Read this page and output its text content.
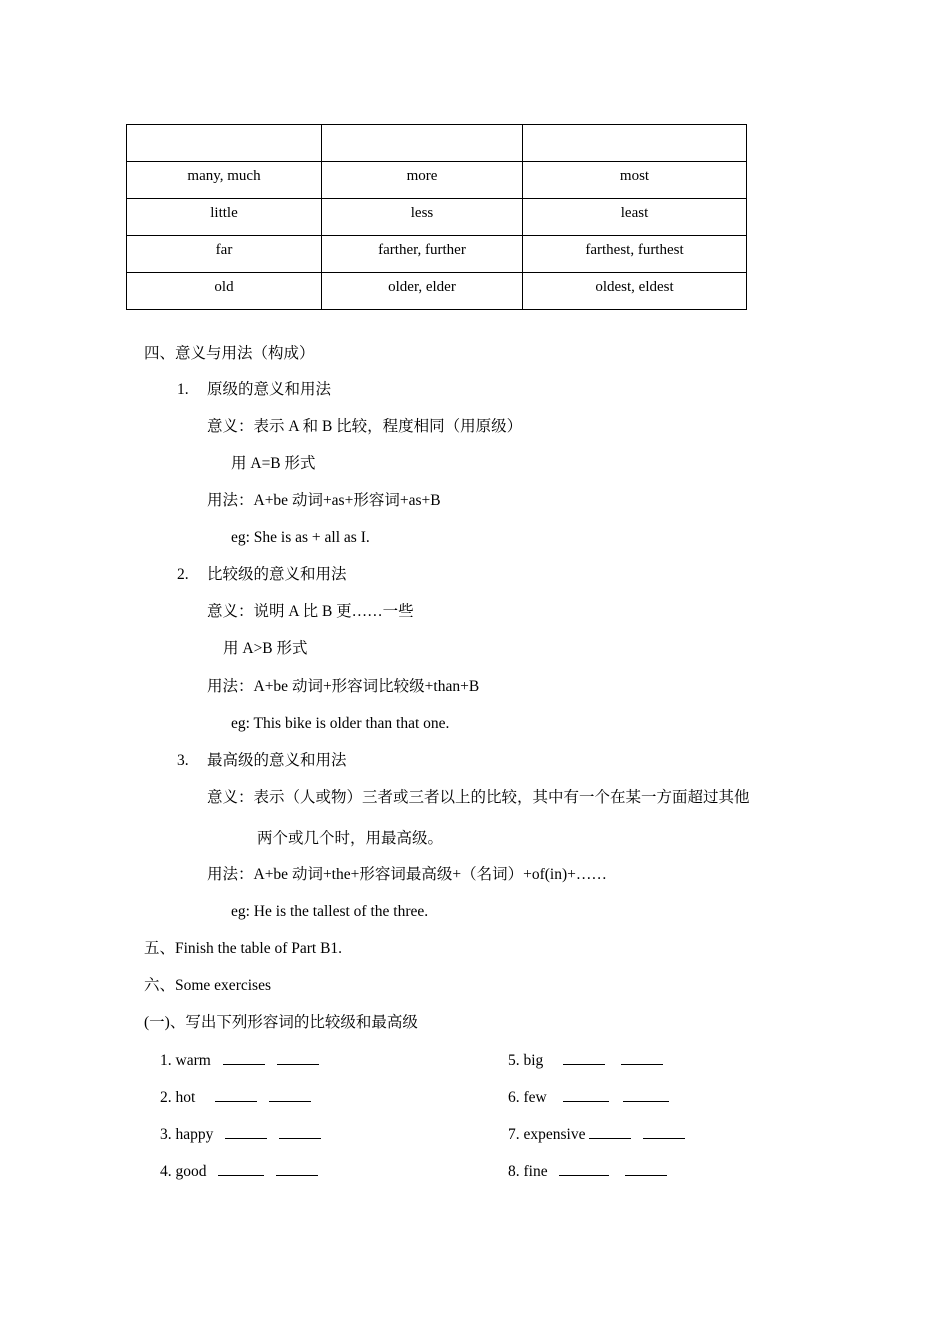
many, much	more	most
little	less	least
far	farther, further	farthest, furthest
old	older, elder	oldest, eldest
四、意义与用法（构成）
1. 原级的意义和用法
意义：表示 A 和 B 比较，程度相同（用原级）
用 A=B 形式
用法：A+be 动词+as+形容词+as+B
eg: She is as + all as I.
2. 比较级的意义和用法
意义：说明 A 比 B 更……一些
用 A>B 形式
用法：A+be 动词+形容词比较级+than+B
eg: This bike is older than that one.
3. 最高级的意义和用法
意义：表示（人或物）三者或三者以上的比较，其中有一个在某一方面超过其他
两个或几个时，用最高级。
用法：A+be 动词+the+形容词最高级+（名词）+of(in)+……
eg: He is the tallest of the three.
五、Finish the table of Part B1.
六、Some exercises
(一)、写出下列形容词的比较级和最高级
1. warm
2. hot
3. happy
4. good
5. big
6. few
7. expensive
8. fine
